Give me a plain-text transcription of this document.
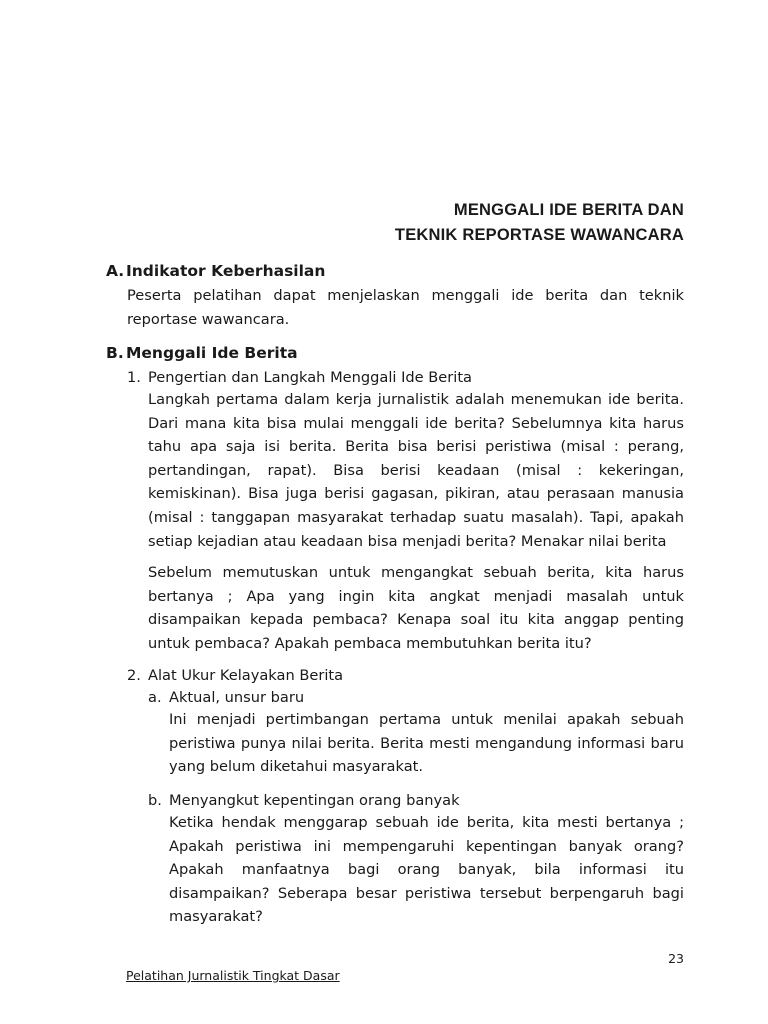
MENGGALI IDE BERITA DAN
TEKNIK REPORTASE WAWANCARA
A. Indikator Keberhasilan
Peserta pelatihan dapat menjelaskan menggali ide berita dan teknik reportase wawancara.
B. Menggali Ide Berita
1. Pengertian dan Langkah Menggali Ide Berita
Langkah pertama dalam kerja jurnalistik adalah menemukan ide berita. Dari mana kita bisa mulai menggali ide berita? Sebelumnya kita harus tahu apa saja isi berita. Berita bisa berisi peristiwa (misal : perang, pertandingan, rapat). Bisa berisi keadaan (misal : kekeringan, kemiskinan). Bisa juga berisi gagasan, pikiran, atau perasaan manusia (misal : tanggapan masyarakat terhadap suatu masalah). Tapi, apakah setiap kejadian atau keadaan bisa menjadi berita? Menakar nilai berita
Sebelum memutuskan untuk mengangkat sebuah berita, kita harus bertanya ; Apa yang ingin kita angkat menjadi masalah untuk disampaikan kepada pembaca? Kenapa soal itu kita anggap penting untuk pembaca? Apakah pembaca membutuhkan berita itu?
2. Alat Ukur Kelayakan Berita
a. Aktual, unsur baru
Ini menjadi pertimbangan pertama untuk menilai apakah sebuah peristiwa punya nilai berita. Berita mesti mengandung informasi baru yang belum diketahui masyarakat.
b. Menyangkut kepentingan orang banyak
Ketika hendak menggarap sebuah ide berita, kita mesti bertanya ; Apakah peristiwa ini mempengaruhi kepentingan banyak orang? Apakah manfaatnya bagi orang banyak, bila informasi itu disampaikan? Seberapa besar peristiwa tersebut berpengaruh bagi masyarakat?
23
Pelatihan Jurnalistik Tingkat Dasar
